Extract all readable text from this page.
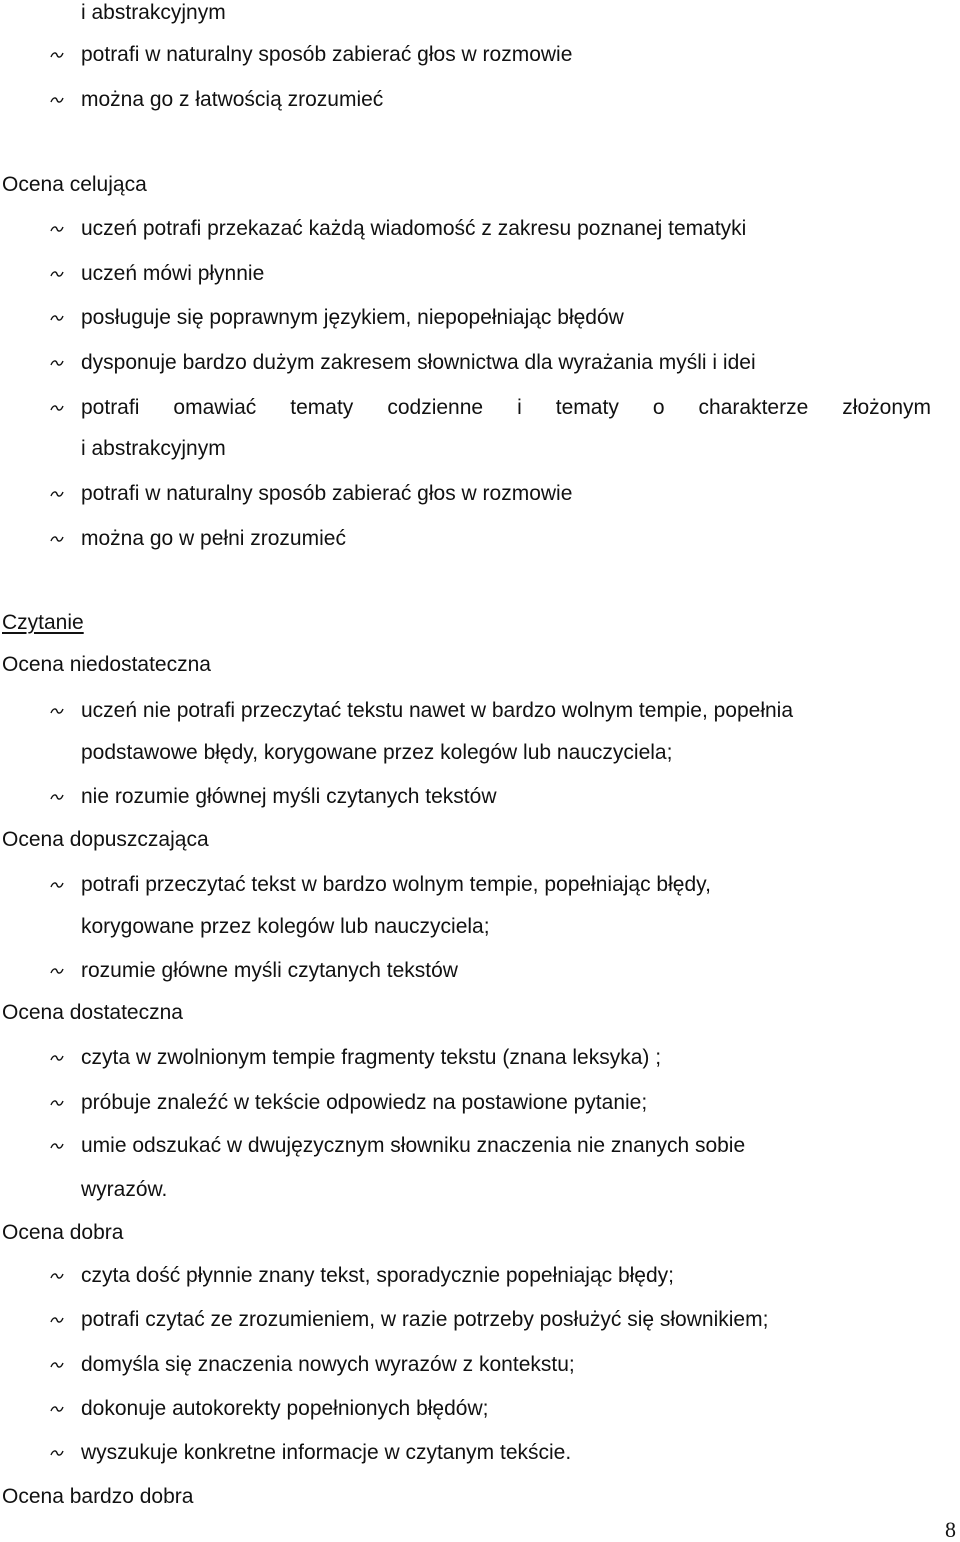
i abstrakcyjnym
potrafi w naturalny sposób zabierać głos w rozmowie
można go z łatwością zrozumieć
Ocena celująca
uczeń potrafi przekazać każdą wiadomość z zakresu poznanej tematyki
uczeń mówi płynnie
posługuje się poprawnym językiem, niepopełniając błędów
dysponuje bardzo dużym zakresem słownictwa dla wyrażania myśli i idei
potrafi omawiać tematy codzienne i tematy o charakterze złożonym
i abstrakcyjnym
potrafi w naturalny sposób zabierać głos w rozmowie
można go w pełni zrozumieć
Czytanie
Ocena niedostateczna
uczeń nie potrafi przeczytać tekstu nawet w bardzo wolnym tempie, popełnia
podstawowe błędy, korygowane przez kolegów lub nauczyciela;
nie rozumie głównej myśli czytanych tekstów
Ocena dopuszczająca
potrafi przeczytać tekst w bardzo wolnym tempie, popełniając błędy,
korygowane przez kolegów lub nauczyciela;
rozumie główne myśli czytanych tekstów
Ocena dostateczna
czyta w zwolnionym tempie fragmenty tekstu (znana leksyka) ;
próbuje znaleźć w tekście odpowiedz na postawione pytanie;
umie odszukać w dwujęzycznym słowniku znaczenia nie znanych sobie
wyrazów.
Ocena dobra
czyta dość płynnie znany tekst, sporadycznie popełniając błędy;
potrafi czytać ze zrozumieniem, w razie potrzeby posłużyć się słownikiem;
domyśla się znaczenia nowych wyrazów z kontekstu;
dokonuje autokorekty popełnionych błędów;
wyszukuje konkretne informacje w czytanym tekście.
Ocena bardzo dobra
8
